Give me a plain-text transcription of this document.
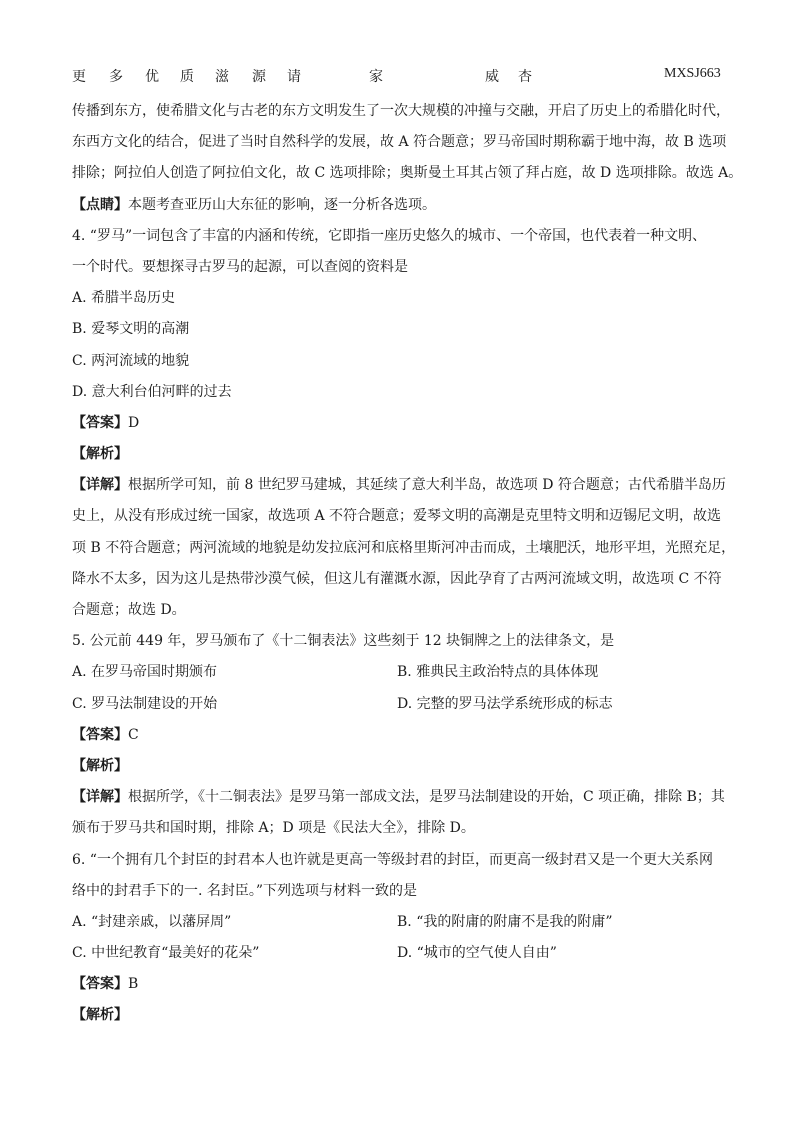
更 多 优 质 滋 源 请	家	威 杏	MXSJ663
传播到东方，使希腊文化与古老的东方文明发生了一次大规模的冲撞与交融，开启了历史上的希腊化时代，
东西方文化的结合，促进了当时自然科学的发展，故 A 符合题意；罗马帝国时期称霸于地中海，故 B 选项
排除；阿拉伯人创造了阿拉伯文化，故 C 选项排除；奥斯曼土耳其占领了拜占庭，故 D 选项排除。故选 A。
【点睛】本题考查亚历山大东征的影响，逐一分析各选项。
4. “罗马”一词包含了丰富的内涵和传统，它即指一座历史悠久的城市、一个帝国，也代表着一种文明、
一个时代。要想探寻古罗马的起源，可以查阅的资料是
A. 希腊半岛历史
B. 爱琴文明的高潮
C. 两河流域的地貌
D. 意大利台伯河畔的过去
【答案】D
【解析】
【详解】根据所学可知，前 8 世纪罗马建城，其延续了意大利半岛，故选项 D 符合题意；古代希腊半岛历
史上，从没有形成过统一国家，故选项 A 不符合题意；爱琴文明的高潮是克里特文明和迈锡尼文明，故选
项 B 不符合题意；两河流域的地貌是幼发拉底河和底格里斯河冲击而成，土壤肥沃，地形平坦，光照充足，
降水不太多，因为这儿是热带沙漠气候，但这儿有灌溉水源，因此孕育了古两河流域文明，故选项 C 不符
合题意；故选 D。
5. 公元前 449 年，罗马颁布了《十二铜表法》这些刻于 12 块铜牌之上的法律条文，是
A. 在罗马帝国时期颁布	B. 雅典民主政治特点的具体体现
C. 罗马法制建设的开始	D. 完整的罗马法学系统形成的标志
【答案】C
【解析】
【详解】根据所学，《十二铜表法》是罗马第一部成文法，是罗马法制建设的开始，C 项正确，排除 B；其
颁布于罗马共和国时期，排除 A；D 项是《民法大全》，排除 D。
6. “一个拥有几个封臣的封君本人也许就是更高一等级封君的封臣，而更高一级封君又是一个更大关系网
络中的封君手下的一. 名封臣。”下列选项与材料一致的是
A. “封建亲戚，以藩屏周”	B. “我的附庸的附庸不是我的附庸”
C. 中世纪教育“最美好的花朵”	D. “城市的空气使人自由”
【答案】B
【解析】
